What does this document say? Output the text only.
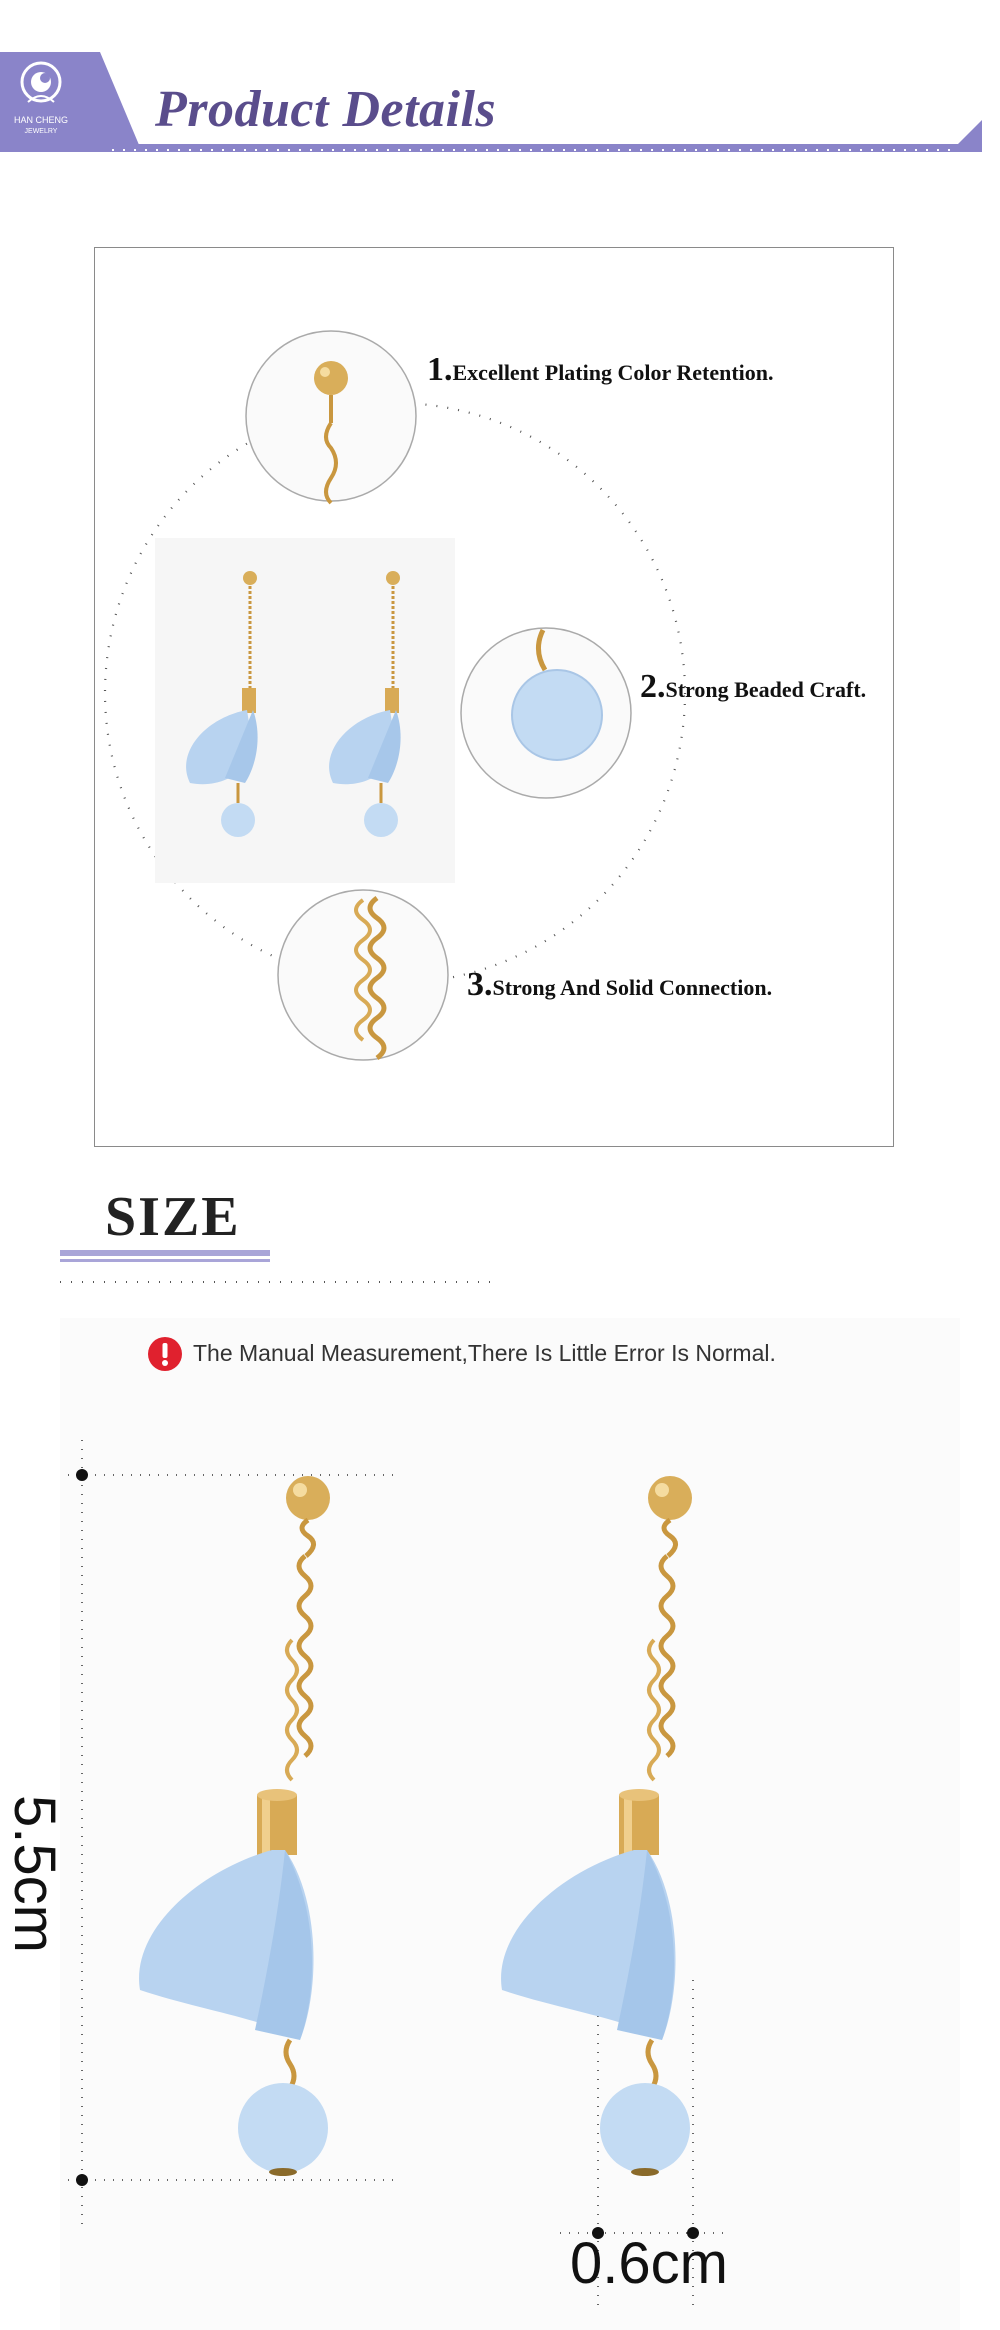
HAN CHENG
JEWELRY	Product Details
1.Excellent Plating Color Retention.
2.Strong Beaded Craft.
3.Strong And Solid Connection.
SIZE
The Manual Measurement,There Is Little Error Is Normal.
5.5cm
0.6cm
